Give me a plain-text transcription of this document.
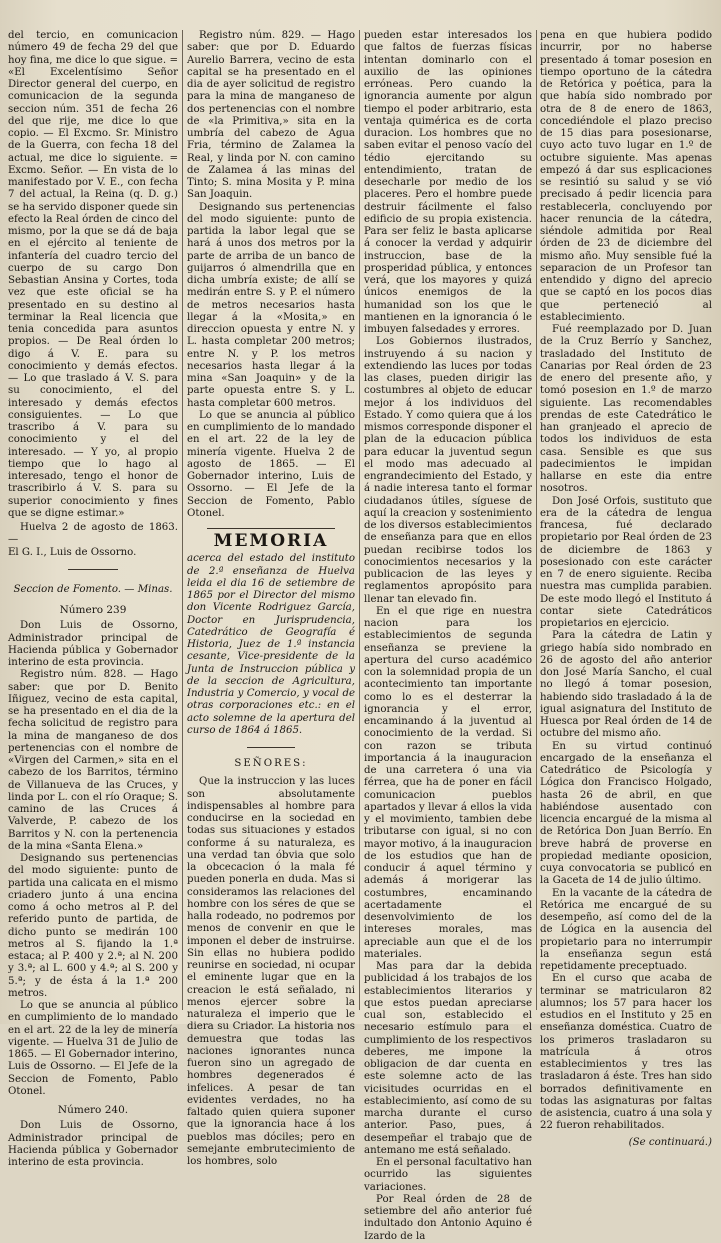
del tercio, en comunicacion número 49 de fecha 29 del que hoy fina, me dice lo que sigue. = «El Excelentísimo Señor Director general del cuerpo, en comunicacion de la segunda seccion núm. 351 de fecha 26 del que rije, me dice lo que copio. — El Excmo. Sr. Ministro de la Guerra, con fecha 18 del actual, me dice lo siguiente. = Excmo. Señor. — En vista de lo manifestado por V. E., con fecha 7 del actual, la Reina (q. D. g.) se ha servido disponer quede sin efecto la Real órden de cinco del mismo, por la que se dá de baja en el ejército al teniente de infantería del cuadro tercio del cuerpo de su cargo Don Sebastian Ansina y Cortes, toda vez que este oficial se ha presentado en su destino al terminar la Real licencia que tenia concedida para asuntos propios. — De Real órden lo digo á V. E. para su conocimiento y demás efectos. — Lo que traslado á V. S. para su conocimiento, el del interesado y demás efectos consiguientes. — Lo que trascribo á V. para su conocimiento y el del interesado. — Y yo, al propio tiempo que lo hago al interesado, tengo el honor de trascribirlo á V. S. para su superior conocimiento y fines que se digne estimar.»

Huelva 2 de agosto de 1863. —

El G. I., Luis de Ossorno.

Seccion de Fomento. — Minas.

Número 239

Don Luis de Ossorno, Administrador principal de Hacienda pública y Gobernador interino de esta provincia.

Registro núm. 828. — Hago saber: que por D. Benito Iñiguez, vecino de esta capital, se ha presentado en el dia de la fecha solicitud de registro para la mina de manganeso de dos pertenencias con el nombre de «Virgen del Carmen,» sita en el cabezo de los Barritos, término de Villanueva de las Cruces, y linda por L. con el río Oraque; S. camino de las Cruces á Valverde, P. cabezo de los Barritos y N. con la pertenencia de la mina «Santa Elena.»

Designando sus pertenencias del modo siguiente: punto de partida una calicata en el mismo criadero junto á una encina como á ocho metros al P. del referido punto de partida, de dicho punto se medirán 100 metros al S. fijando la 1.ª estaca; al P. 400 y 2.ª; al N. 200 y 3.ª; al L. 600 y 4.ª; al S. 200 y 5.ª; y de ésta á la 1.ª 200 metros.

Lo que se anuncia al público en cumplimiento de lo mandado en el art. 22 de la ley de minería vigente. — Huelva 31 de Julio de 1865. — El Gobernador interino, Luis de Ossorno. — El Jefe de la Seccion de Fomento, Pablo Otonel.

Número 240.

Don Luis de Ossorno, Administrador principal de Hacienda pública y Gobernador interino de esta provincia.

Registro núm. 829. — Hago saber: que por D. Eduardo Aurelio Barrera, vecino de esta capital se ha presentado en el dia de ayer solicitud de registro para la mina de manganeso de dos pertenencias con el nombre de «la Primitiva,» sita en la umbría del cabezo de Agua Fria, término de Zalamea la Real, y linda por N. con camino de Zalamea á las minas del Tinto; S. mina Mosita y P. mina San Joaquin.

Designando sus pertenencias del modo siguiente: punto de partida la labor legal que se hará á unos dos metros por la parte de arriba de un banco de guijarros ó almendrilla que en dicha umbría existe; de allí se medirán entre S. y P. el número de metros necesarios hasta llegar á la «Mosita,» en direccion opuesta y entre N. y L. hasta completar 200 metros; entre N. y P. los metros necesarios hasta llegar á la mina «San Joaquin» y de la parte opuesta entre S. y L. hasta completar 600 metros.

Lo que se anuncia al público en cumplimiento de lo mandado en el art. 22 de la ley de minería vigente. Huelva 2 de agosto de 1865. — El Gobernador interino, Luis de Ossorno. — El Jefe de la Seccion de Fomento, Pablo Otonel.

MEMORIA

acerca del estado del instituto de 2.ª enseñanza de Huelva leida el dia 16 de setiembre de 1865 por el Director del mismo don Vicente Rodriguez García, Doctor en Jurisprudencia, Catedrático de Geografía é Historia, Juez de 1.ª instancia cesante, Vice-presidente de la Junta de Instruccion pública y de la seccion de Agricultura, Industria y Comercio, y vocal de otras corporaciones etc.: en el acto solemne de la apertura del curso de 1864 á 1865.

SEÑORES:

Que la instruccion y las luces son absolutamente indispensables al hombre para conducirse en la sociedad en todas sus situaciones y estados conforme á su naturaleza, es una verdad tan óbvia que solo la obcecacion ó la mala fé pueden ponerla en duda. Mas si consideramos las relaciones del hombre con los séres de que se halla rodeado, no podremos por menos de convenir en que le imponen el deber de instruirse. Sin ellas no hubiera podido reunirse en sociedad, ni ocupar el eminente lugar que en la creacion le está señalado, ni menos ejercer sobre la naturaleza el imperio que le diera su Criador. La historia nos demuestra que todas las naciones ignorantes nunca fueron sino un agregado de hombres degenerados é infelices. A pesar de tan evidentes verdades, no ha faltado quien quiera suponer que la ignorancia hace á los pueblos mas dóciles; pero en semejante embrutecimiento de los hombres, solo

pueden estar interesados los que faltos de fuerzas físicas intentan dominarlo con el auxilio de las opiniones erróneas. Pero cuando la ignorancia aumente por algun tiempo el poder arbitrario, esta ventaja quimérica es de corta duracion. Los hombres que no saben evitar el penoso vacío del tédio ejercitando su entendimiento, tratan de desecharle por medio de los placeres. Pero el hombre puede destruir fácilmente el falso edificio de su propia existencia. Para ser feliz le basta aplicarse á conocer la verdad y adquirir instruccion, base de la prosperidad pública, y entonces verá, que los mayores y quizá únicos enemigos de la humanidad son los que le mantienen en la ignorancia ó le imbuyen falsedades y errores.

Los Gobiernos ilustrados, instruyendo á su nacion y extendiendo las luces por todas las clases, pueden dirigir las costumbres al objeto de educar mejor á los individuos del Estado. Y como quiera que á los mismos corresponde disponer el plan de la educacion pública para educar la juventud segun el modo mas adecuado al engrandecimiento del Estado, y á nadie interesa tanto el formar ciudadanos útiles, síguese de aquí la creacion y sostenimiento de los diversos establecimientos de enseñanza para que en ellos puedan recibirse todos los conocimientos necesarios y la publicacion de las leyes y reglamentos apropósito para llenar tan elevado fin.

En el que rige en nuestra nacion para los establecimientos de segunda enseñanza se previene la apertura del curso académico con la solemnidad propia de un acontecimiento tan importante como lo es el desterrar la ignorancia y el error, encaminando á la juventud al conocimiento de la verdad. Si con razon se tributa importancia á la inauguracion de una carretera ó una via férrea, que ha de poner en fácil comunicacion pueblos apartados y llevar á ellos la vida y el movimiento, tambien debe tributarse con igual, si no con mayor motivo, á la inauguracion de los estudios que han de conducir á aquel término y además á morigerar las costumbres, encaminando acertadamente el desenvolvimiento de los intereses morales, mas apreciable aun que el de los materiales.

Mas para dar la debida publicidad á los trabajos de los establecimientos literarios y que estos puedan apreciarse cual son, establecido el necesario estímulo para el cumplimiento de los respectivos deberes, me impone la obligacion de dar cuenta en este solemne acto de las vicisitudes ocurridas en el establecimiento, así como de su marcha durante el curso anterior. Paso, pues, á desempeñar el trabajo que de antemano me está señalado.

En el personal facultativo han ocurrido las siguientes variaciones.

Por Real órden de 28 de setiembre del año anterior fué indultado don Antonio Aquino é Izardo de la

pena en que hubiera podido incurrir, por no haberse presentado á tomar posesion en tiempo oportuno de la cátedra de Retórica y poética, para la que había sido nombrado por otra de 8 de enero de 1863, concediéndole el plazo preciso de 15 dias para posesionarse, cuyo acto tuvo lugar en 1.º de octubre siguiente. Mas apenas empezó á dar sus esplicaciones se resintió su salud y se vió precisado á pedir licencia para restablecerla, concluyendo por hacer renuncia de la cátedra, siéndole admitida por Real órden de 23 de diciembre del mismo año. Muy sensible fué la separacion de un Profesor tan entendido y digno del aprecio que se captó en los pocos dias que perteneció al establecimiento.

Fué reemplazado por D. Juan de la Cruz Berrío y Sanchez, trasladado del Instituto de Canarias por Real órden de 23 de enero del presente año, y tomó posesion en 1.º de marzo siguiente. Las recomendables prendas de este Catedrático le han granjeado el aprecio de todos los individuos de esta casa. Sensible es que sus padecimientos le impidan hallarse en este dia entre nosotros.

Don José Orfois, sustituto que era de la cátedra de lengua francesa, fué declarado propietario por Real órden de 23 de diciembre de 1863 y posesionado con este carácter en 7 de enero siguiente. Reciba nuestra mas cumplida parabien. De este modo llegó el Instituto á contar siete Catedráticos propietarios en ejercicio.

Para la cátedra de Latin y griego había sido nombrado en 26 de agosto del año anterior don José María Sancho, el cual no llegó á tomar posesion, habiendo sido trasladado á la de igual asignatura del Instituto de Huesca por Real órden de 14 de octubre del mismo año.

En su virtud continuó encargado de la enseñanza el Catedrático de Psicología y Lógica don Francisco Holgado, hasta 26 de abril, en que habiéndose ausentado con licencia encargué de la misma al de Retórica Don Juan Berrío. En breve habrá de proverse en propiedad mediante oposicion, cuya convocatoria se publicó en la Gaceta de 14 de julio último.

En la vacante de la cátedra de Retórica me encargué de su desempeño, así como del de la de Lógica en la ausencia del propietario para no interrumpir la enseñanza segun está repetidamente preceptuado.

En el curso que acaba de terminar se matricularon 82 alumnos; los 57 para hacer los estudios en el Instituto y 25 en enseñanza doméstica. Cuatro de los primeros trasladaron su matrícula á otros establecimientos y tres las trasladaron á éste. Tres han sido borrados definitivamente en todas las asignaturas por faltas de asistencia, cuatro á una sola y 22 fueron rehabilitados.

(Se continuará.)
